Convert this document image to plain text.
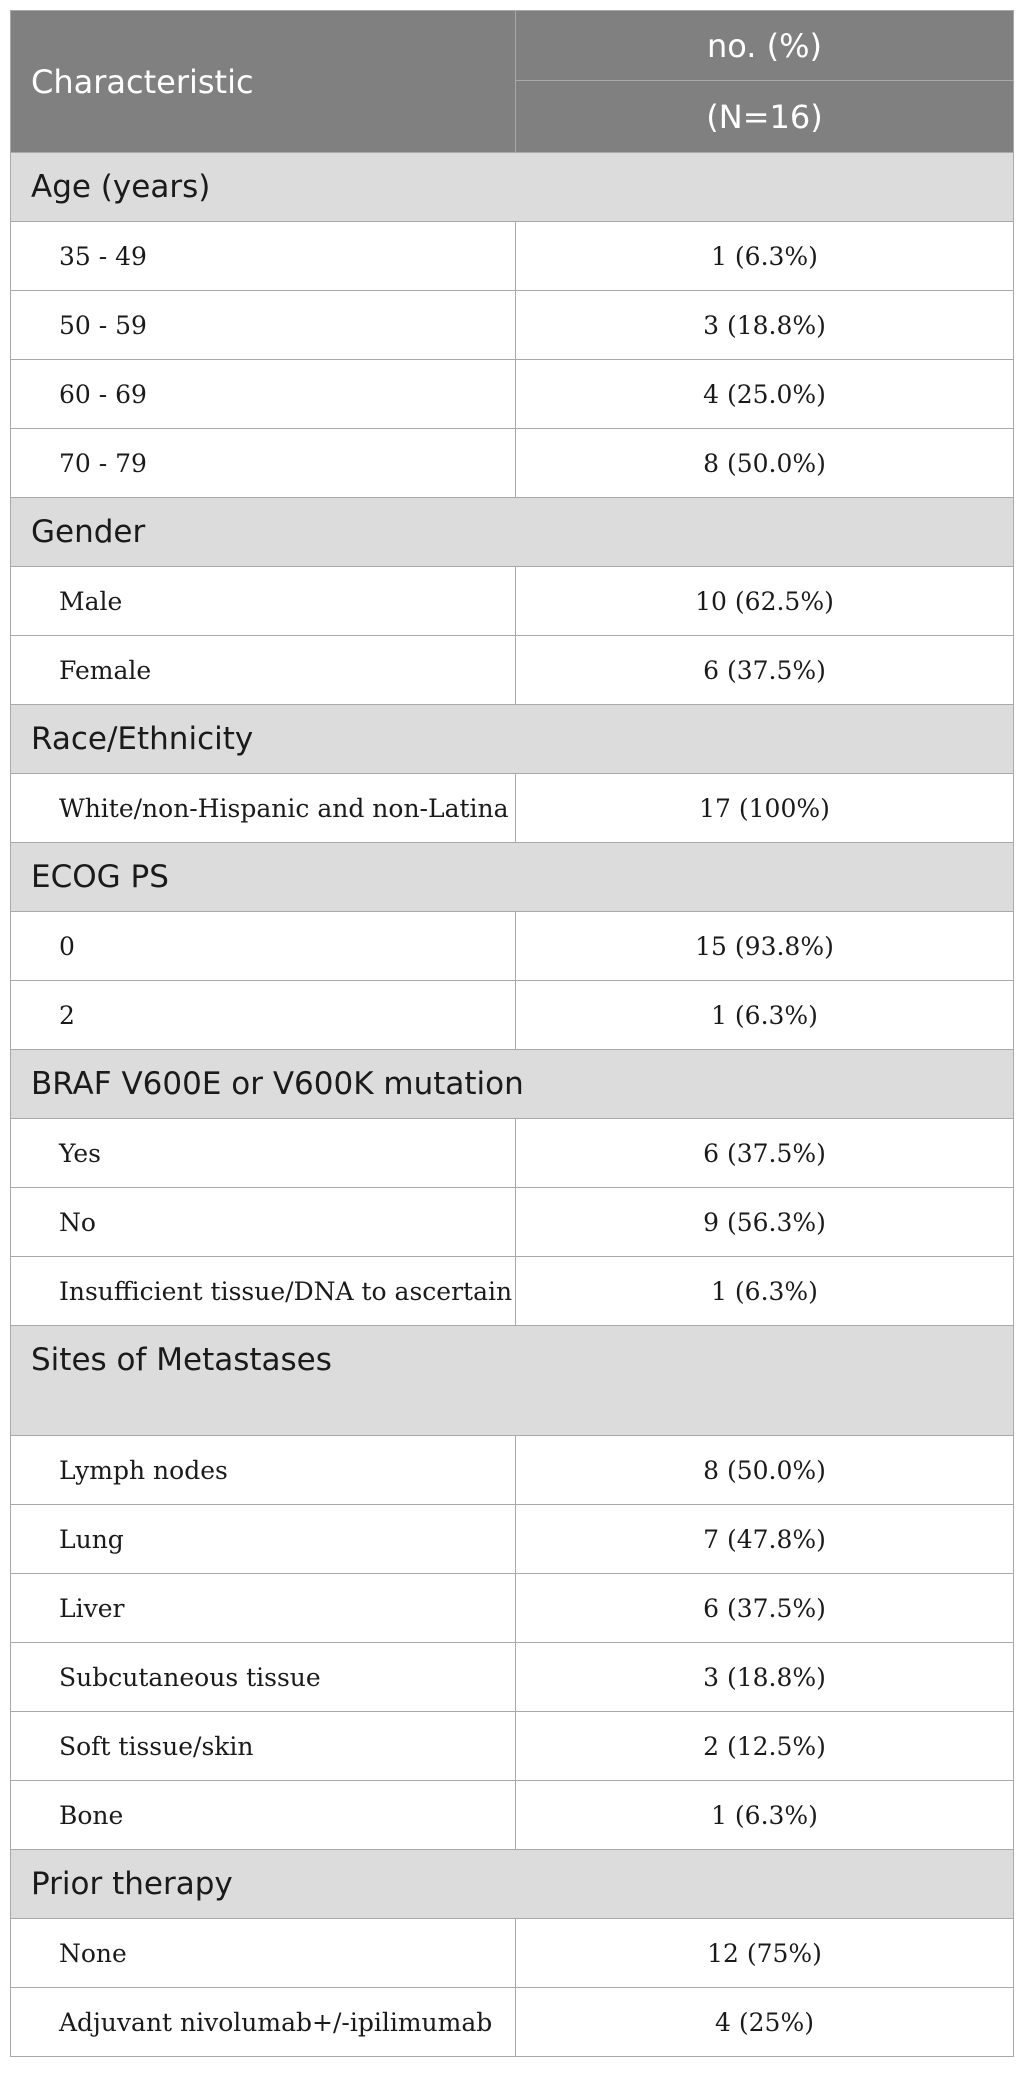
Characteristic	no. (%)
	(N=16)
Age (years)	
35 - 49	1 (6.3%)
50 - 59	3 (18.8%)
60 - 69	4 (25.0%)
70 - 79	8 (50.0%)
Gender	
Male	10 (62.5%)
Female	6 (37.5%)
Race/Ethnicity	
White/non-Hispanic and non-Latina	17 (100%)
ECOG PS	
0	15 (93.8%)
2	1 (6.3%)
BRAF V600E or V600K mutation	
Yes	6 (37.5%)
No	9 (56.3%)
Insufficient tissue/DNA to ascertain	1 (6.3%)
Sites of Metastases	
Lymph nodes	8 (50.0%)
Lung	7 (47.8%)
Liver	6 (37.5%)
Subcutaneous tissue	3 (18.8%)
Soft tissue/skin	2 (12.5%)
Bone	1 (6.3%)
Prior therapy	
None	12 (75%)
Adjuvant nivolumab+/-ipilimumab	4 (25%)
